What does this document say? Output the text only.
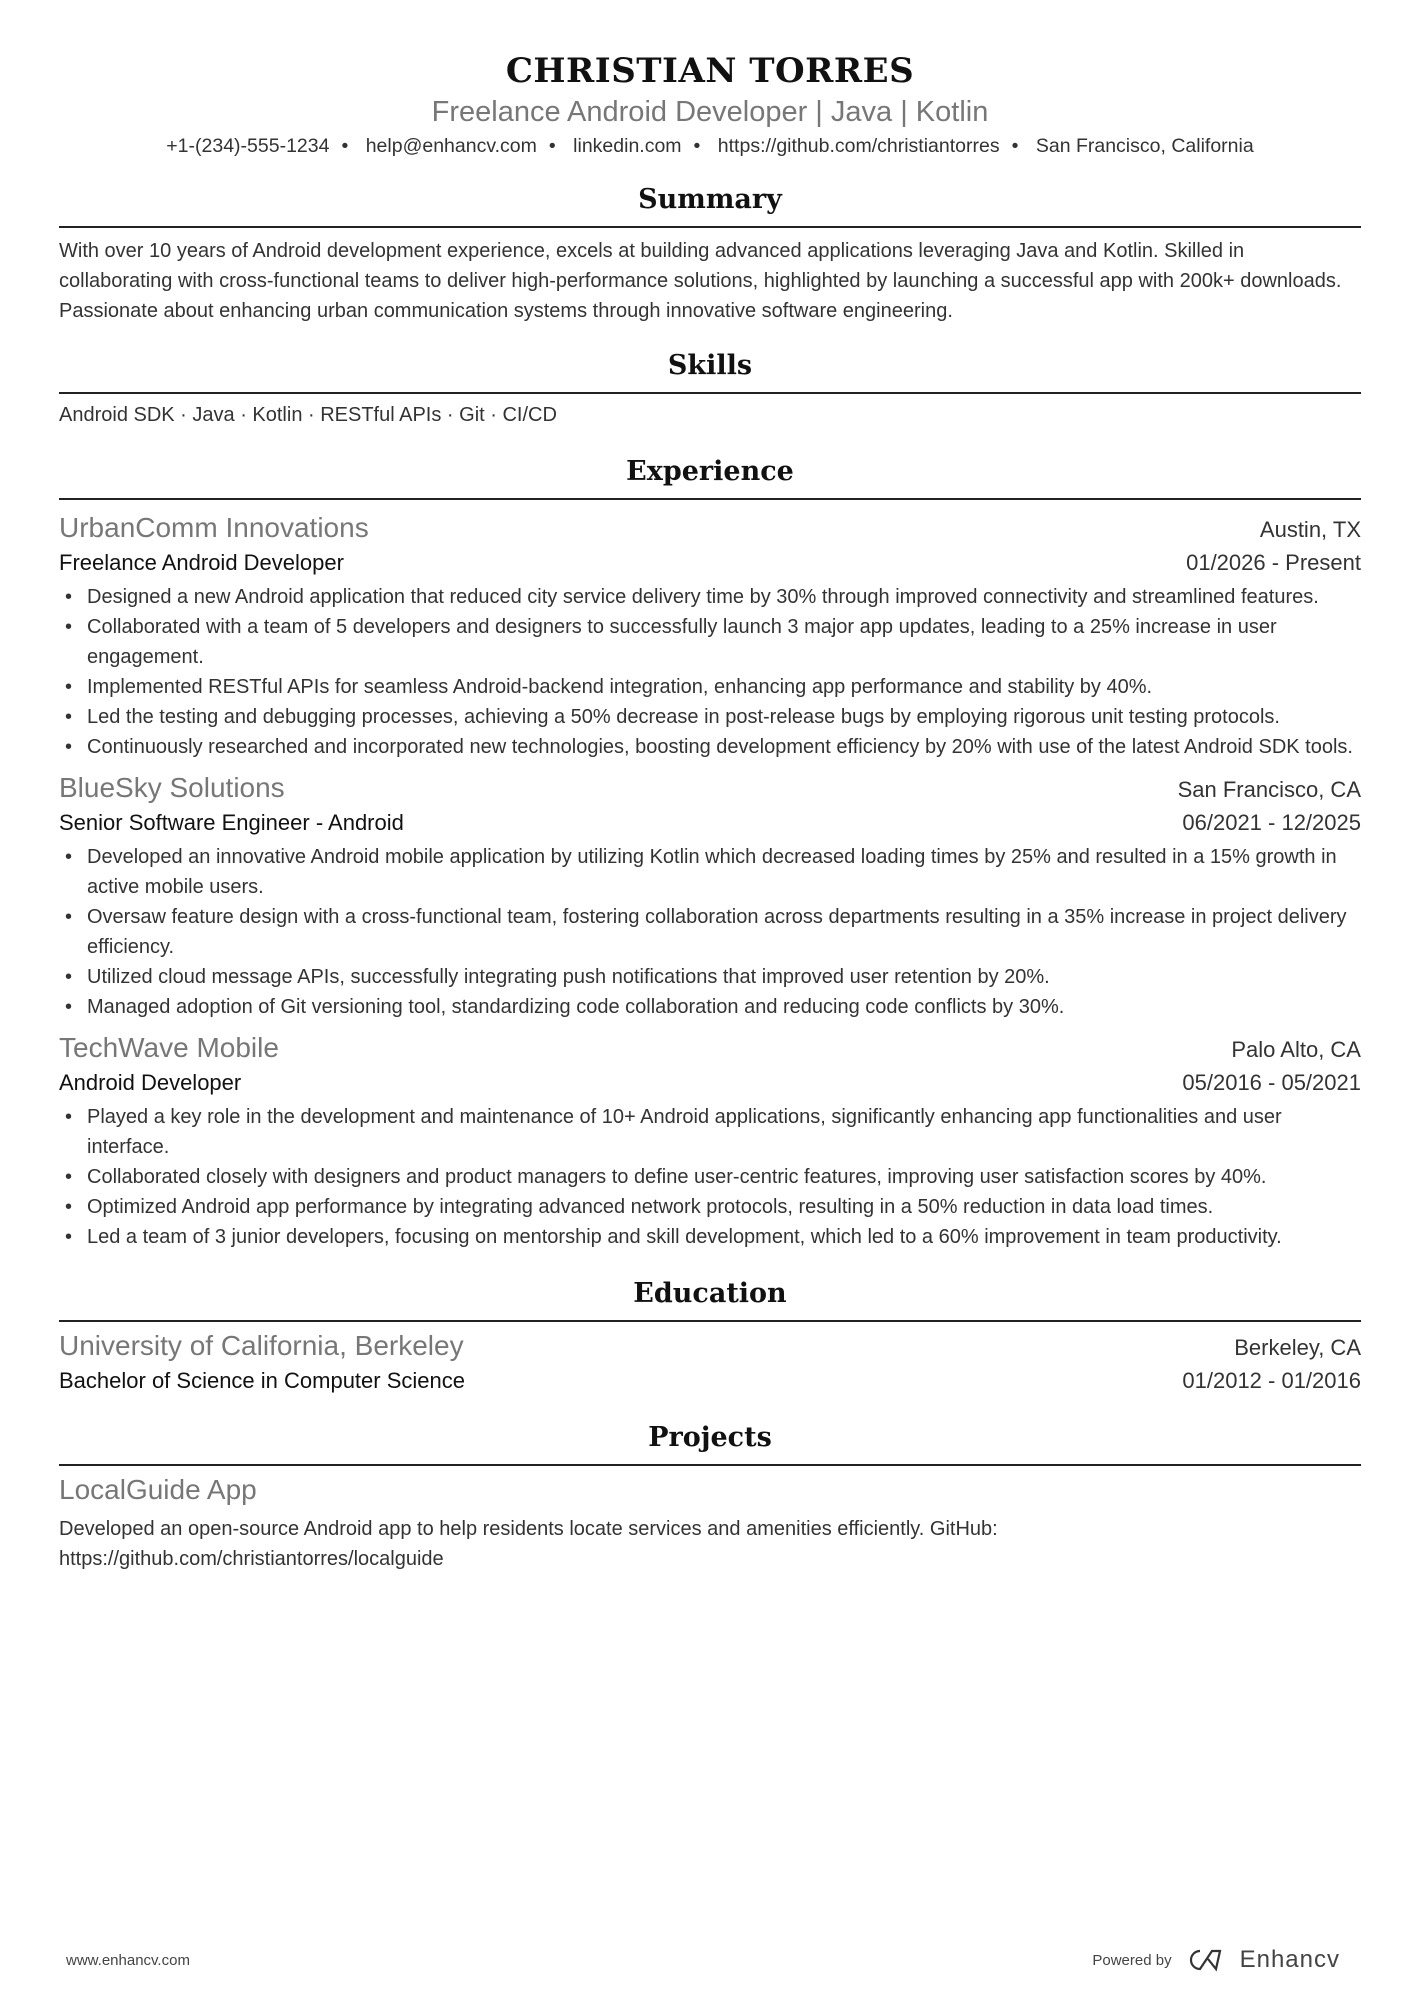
CHRISTIAN TORRES
Freelance Android Developer | Java | Kotlin
+1-(234)-555-1234 • help@enhancv.com • linkedin.com • https://github.com/christiantorres • San Francisco, California
Summary
With over 10 years of Android development experience, excels at building advanced applications leveraging Java and Kotlin. Skilled in collaborating with cross-functional teams to deliver high-performance solutions, highlighted by launching a successful app with 200k+ downloads. Passionate about enhancing urban communication systems through innovative software engineering.
Skills
Android SDK · Java · Kotlin · RESTful APIs · Git · CI/CD
Experience
UrbanComm Innovations	Austin, TX
Freelance Android Developer	01/2026 - Present
• Designed a new Android application that reduced city service delivery time by 30% through improved connectivity and streamlined features.
• Collaborated with a team of 5 developers and designers to successfully launch 3 major app updates, leading to a 25% increase in user engagement.
• Implemented RESTful APIs for seamless Android-backend integration, enhancing app performance and stability by 40%.
• Led the testing and debugging processes, achieving a 50% decrease in post-release bugs by employing rigorous unit testing protocols.
• Continuously researched and incorporated new technologies, boosting development efficiency by 20% with use of the latest Android SDK tools.
BlueSky Solutions	San Francisco, CA
Senior Software Engineer - Android	06/2021 - 12/2025
• Developed an innovative Android mobile application by utilizing Kotlin which decreased loading times by 25% and resulted in a 15% growth in active mobile users.
• Oversaw feature design with a cross-functional team, fostering collaboration across departments resulting in a 35% increase in project delivery efficiency.
• Utilized cloud message APIs, successfully integrating push notifications that improved user retention by 20%.
• Managed adoption of Git versioning tool, standardizing code collaboration and reducing code conflicts by 30%.
TechWave Mobile	Palo Alto, CA
Android Developer	05/2016 - 05/2021
• Played a key role in the development and maintenance of 10+ Android applications, significantly enhancing app functionalities and user interface.
• Collaborated closely with designers and product managers to define user-centric features, improving user satisfaction scores by 40%.
• Optimized Android app performance by integrating advanced network protocols, resulting in a 50% reduction in data load times.
• Led a team of 3 junior developers, focusing on mentorship and skill development, which led to a 60% improvement in team productivity.
Education
University of California, Berkeley	Berkeley, CA
Bachelor of Science in Computer Science	01/2012 - 01/2016
Projects
LocalGuide App
Developed an open-source Android app to help residents locate services and amenities efficiently. GitHub: https://github.com/christiantorres/localguide
www.enhancv.com	Powered by	Enhancv
